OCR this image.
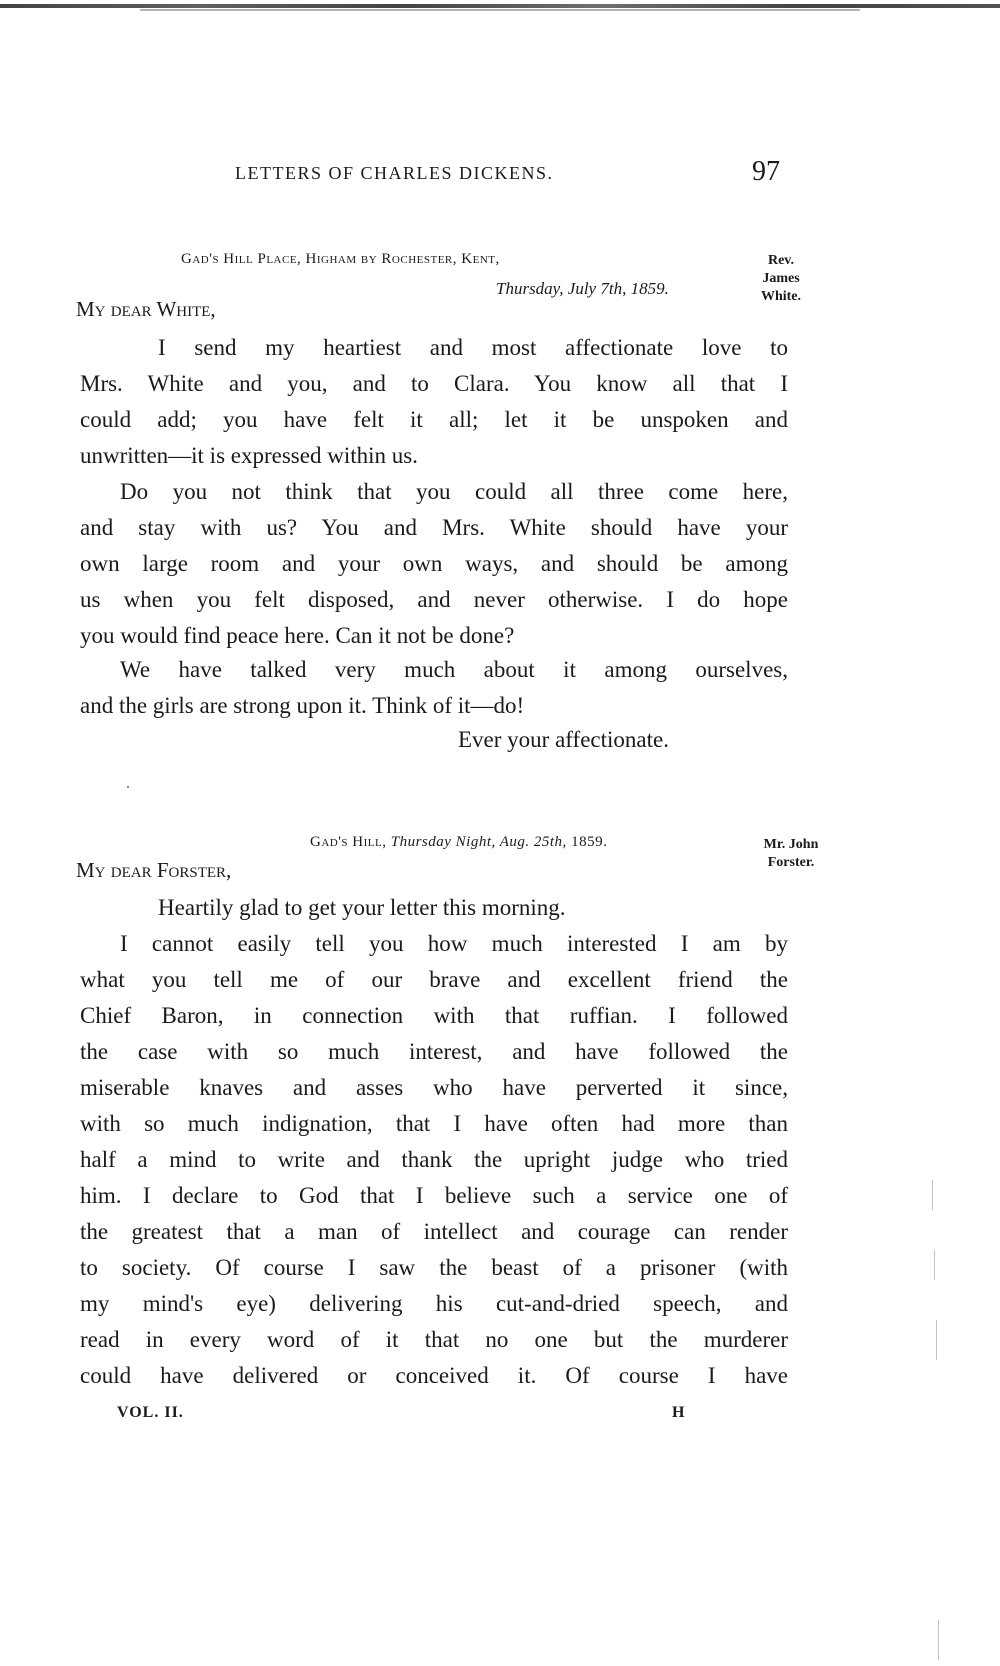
LETTERS OF CHARLES DICKENS.	97
Gad's Hill Place, Higham by Rochester, Kent,
Thursday, July 7th, 1859.
Rev.
James
White.
My dear White,
I send my heartiest and most affectionate love to
Mrs. White and you, and to Clara. You know all that I
could add; you have felt it all; let it be unspoken and
unwritten—it is expressed within us.
Do you not think that you could all three come here,
and stay with us? You and Mrs. White should have your
own large room and your own ways, and should be among
us when you felt disposed, and never otherwise. I do hope
you would find peace here. Can it not be done?
We have talked very much about it among ourselves,
and the girls are strong upon it. Think of it—do!
Ever your affectionate.
Gad's Hill, Thursday Night, Aug. 25th, 1859.	Mr. John
Forster.
My dear Forster,
Heartily glad to get your letter this morning.
I cannot easily tell you how much interested I am by
what you tell me of our brave and excellent friend the
Chief Baron, in connection with that ruffian. I followed
the case with so much interest, and have followed the
miserable knaves and asses who have perverted it since,
with so much indignation, that I have often had more than
half a mind to write and thank the upright judge who tried
him. I declare to God that I believe such a service one of
the greatest that a man of intellect and courage can render
to society. Of course I saw the beast of a prisoner (with
my mind's eye) delivering his cut-and-dried speech, and
read in every word of it that no one but the murderer
could have delivered or conceived it. Of course I have
VOL. II.	H
